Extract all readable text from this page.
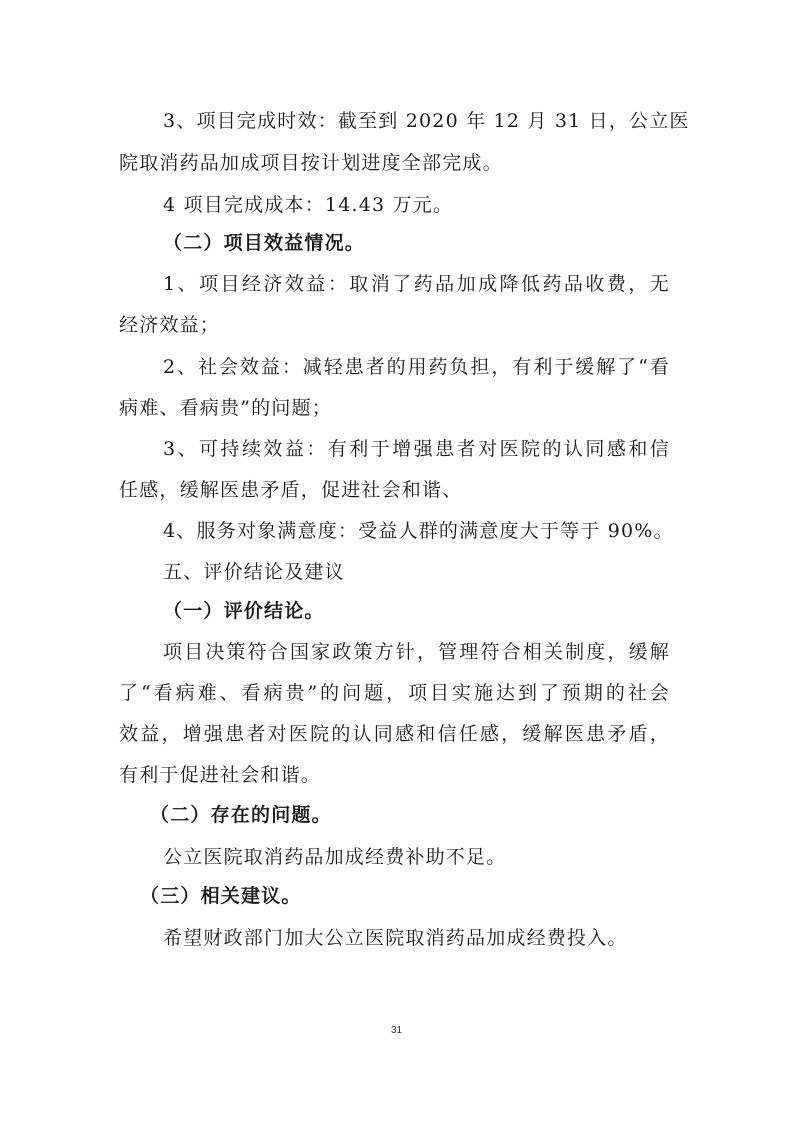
3、项目完成时效：截至到 2020 年 12 月 31 日，公立医
院取消药品加成项目按计划进度全部完成。
4 项目完成成本：14.43 万元。
（二）项目效益情况。
1、项目经济效益：取消了药品加成降低药品收费，无
经济效益；
2、社会效益：减轻患者的用药负担，有利于缓解了“看
病难、看病贵”的问题；
3、可持续效益：有利于增强患者对医院的认同感和信
任感，缓解医患矛盾，促进社会和谐、
4、服务对象满意度：受益人群的满意度大于等于 90%。
五、评价结论及建议
（一）评价结论。
项目决策符合国家政策方针，管理符合相关制度，缓解
了“看病难、看病贵”的问题，项目实施达到了预期的社会
效益，增强患者对医院的认同感和信任感，缓解医患矛盾，
有利于促进社会和谐。
（二）存在的问题。
公立医院取消药品加成经费补助不足。
（三）相关建议。
希望财政部门加大公立医院取消药品加成经费投入。
31
